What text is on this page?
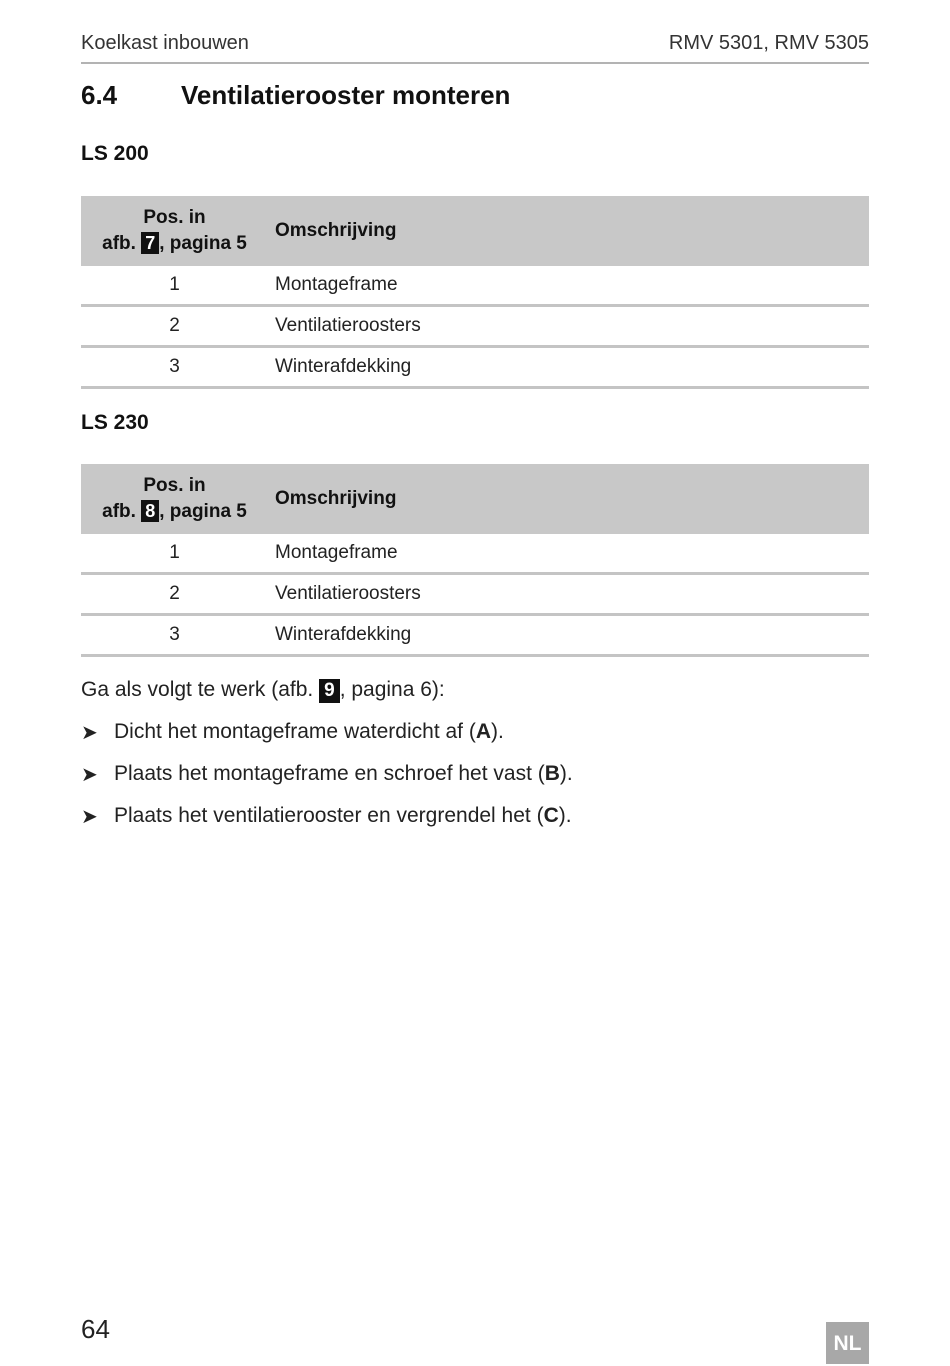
Koelkast inbouwen	RMV 5301, RMV 5305
6.4 Ventilatierooster monteren
LS 200
Pos. in
afb. 7 , pagina 5	Omschrijving
1	Montageframe
2	Ventilatieroosters
3	Winterafdekking
LS 230
Pos. in
afb. 8 , pagina 5	Omschrijving
1	Montageframe
2	Ventilatieroosters
3	Winterafdekking
Ga als volgt te werk (afb. 9 , pagina 6):
➤ Dicht het montageframe waterdicht af (A).
➤ Plaats het montageframe en schroef het vast (B).
➤ Plaats het ventilatierooster en vergrendel het (C).
64	NL
